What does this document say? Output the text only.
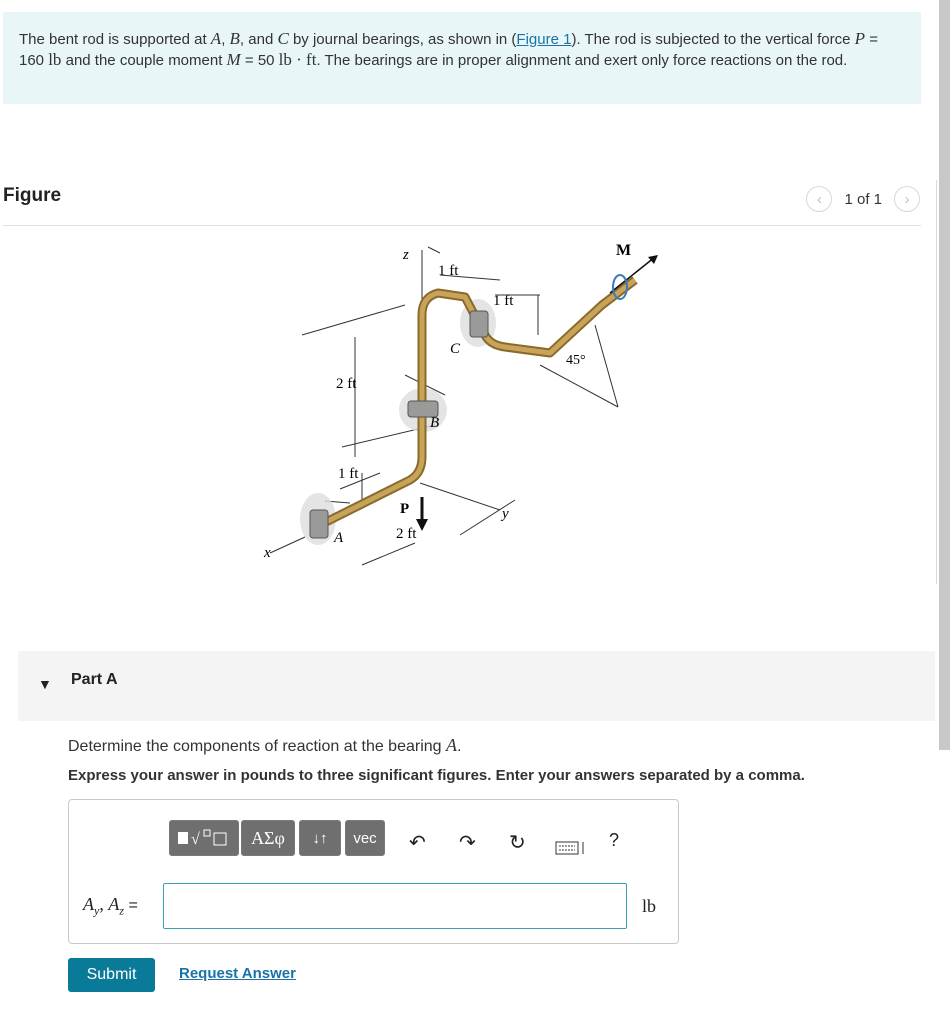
The bent rod is supported at A, B, and C by journal bearings, as shown in (Figure 1). The rod is subjected to the vertical force P = 160 lb and the couple moment M = 50 lb · ft. The bearings are in proper alignment and exert only force reactions on the rod.
Figure	‹	1 of 1	›
z
x
y
A
B
C
M
P
1 ft
1 ft
2 ft
1 ft
2 ft
45°
▼ Part A
Determine the components of reaction at the bearing A.
Express your answer in pounds to three significant figures. Enter your answers separated by a comma.
√	ΑΣφ	↓↑	vec	↶ ↷ ↻	?
$A_y$, $A_z$ =	lb
Submit	Request Answer
